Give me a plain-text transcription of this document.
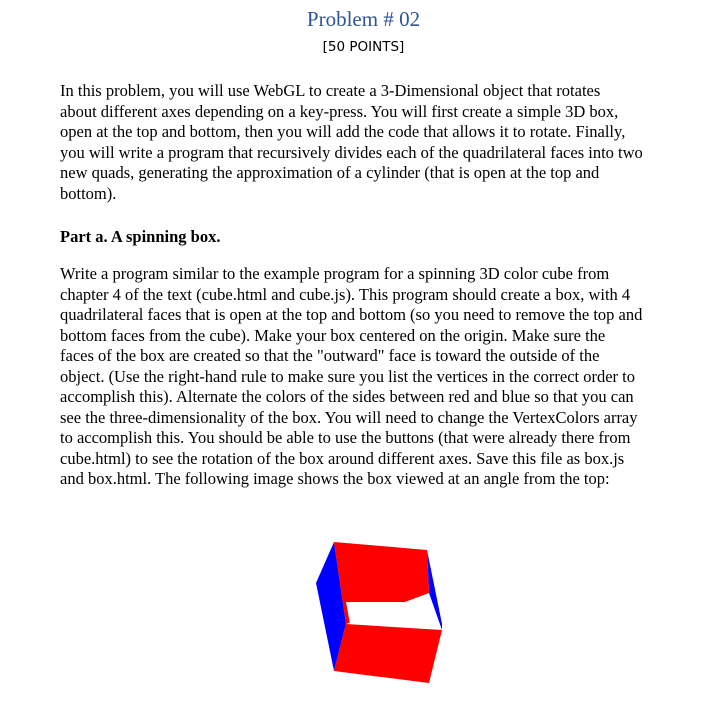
Problem # 02
[50 POINTS]
In this problem, you will use WebGL to create a 3-Dimensional object that rotates
about different axes depending on a key-press. You will first create a simple 3D box,
open at the top and bottom, then you will add the code that allows it to rotate. Finally,
you will write a program that recursively divides each of the quadrilateral faces into two
new quads, generating the approximation of a cylinder (that is open at the top and
bottom).
Part a. A spinning box.
Write a program similar to the example program for a spinning 3D color cube from
chapter 4 of the text (cube.html and cube.js). This program should create a box, with 4
quadrilateral faces that is open at the top and bottom (so you need to remove the top and
bottom faces from the cube). Make your box centered on the origin. Make sure the
faces of the box are created so that the "outward" face is toward the outside of the
object. (Use the right-hand rule to make sure you list the vertices in the correct order to
accomplish this). Alternate the colors of the sides between red and blue so that you can
see the three-dimensionality of the box. You will need to change the VertexColors array
to accomplish this. You should be able to use the buttons (that were already there from
cube.html) to see the rotation of the box around different axes. Save this file as box.js
and box.html. The following image shows the box viewed at an angle from the top:
